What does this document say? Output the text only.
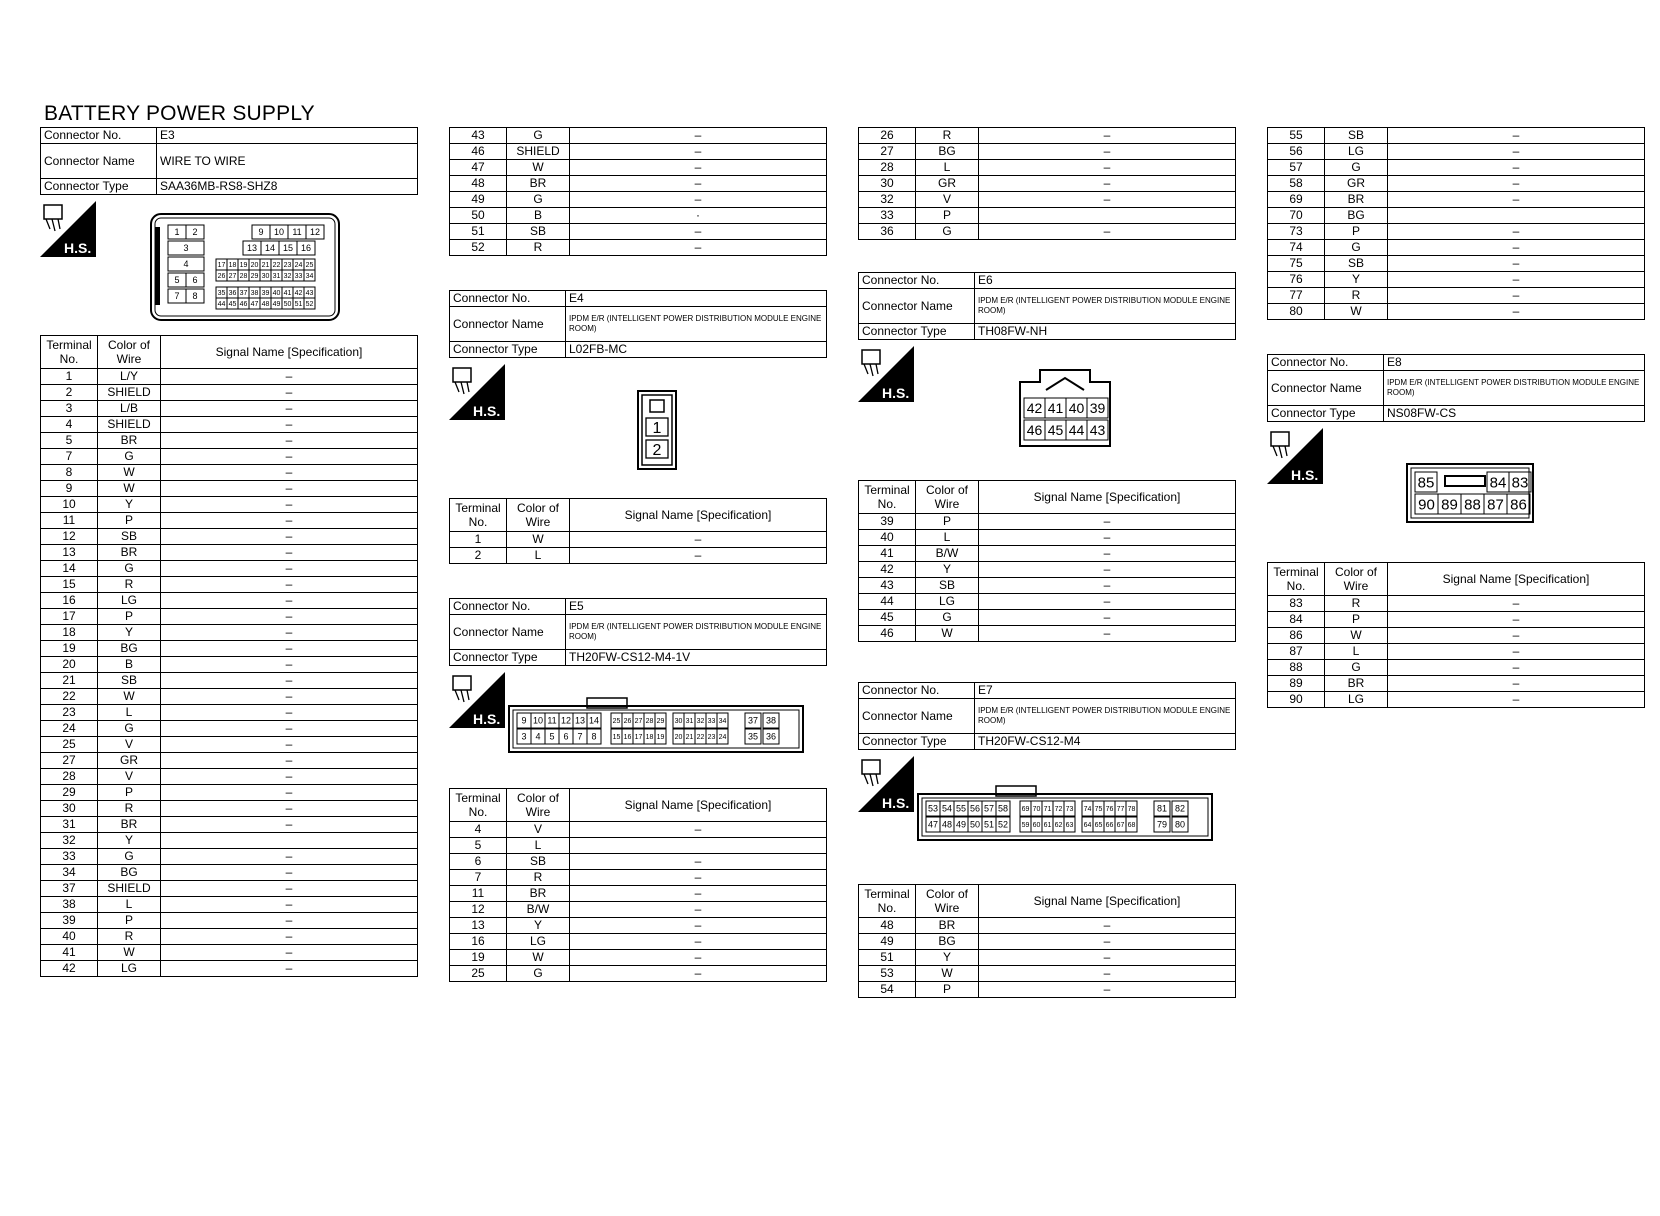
BATTERY POWER SUPPLY
Connector No.	E3
Connector Name	WIRE TO WIRE
Connector Type	SAA36MB-RS8-SHZ8
H.S.
1 2
3
4
5 6
7 8
9 10 11 12
13 14 15 16
17 18 19 20 21 22 23 24 25
26 27 28 29 30 31 32 33 34
35 36 37 38 39 40 41 42 43
44 45 46 47 48 49 50 51 52
Terminal No.	Color of Wire	Signal Name [Specification]
1	L/Y	–
2	SHIELD	–
3	L/B	–
4	SHIELD	–
5	BR	–
7	G	–
8	W	–
9	W	–
10	Y	–
11	P	–
12	SB	–
13	BR	–
14	G	–
15	R	–
16	LG	–
17	P	–
18	Y	–
19	BG	–
20	B	–
21	SB	–
22	W	–
23	L	–
24	G	–
25	V	–
27	GR	–
28	V	–
29	P	–
30	R	–
31	BR	–
32	Y	
33	G	–
34	BG	–
37	SHIELD	–
38	L	–
39	P	–
40	R	–
41	W	–
42	LG	–
43	G	–
46	SHIELD	–
47	W	–
48	BR	–
49	G	–
50	B	·
51	SB	–
52	R	–
Connector No.	E4
Connector Name	IPDM E/R (INTELLIGENT POWER DISTRIBUTION MODULE ENGINE ROOM)

Connector Type	L02FB-MC
H.S.
1
2
Terminal No.	Color of Wire	Signal Name [Specification]
1	W	–
2	L	–
Connector No.	E5
Connector Name	IPDM E/R (INTELLIGENT POWER DISTRIBUTION MODULE ENGINE ROOM)

Connector Type	TH20FW-CS12-M4-1V
H.S. 9 10 11 12 13 14 25 26 27 28 29 30 31 32 33 34 37 38
3 4 5 6 7 8 15 16 17 18 19 20 21 22 23 24 35 36
Terminal No.	Color of Wire	Signal Name [Specification]
4	V	–
5	L	
6	SB	–
7	R	–
11	BR	–
12	B/W	–
13	Y	–
16	LG	–
19	W	–
25	G	–
26	R	–
27	BG	–
28	L	–
30	GR	–
32	V	–
33	P	
36	G	–
Connector No.	E6
Connector Name	IPDM E/R (INTELLIGENT POWER DISTRIBUTION MODULE ENGINE ROOM)

Connector Type	TH08FW-NH
H.S.
42 41 40 39
46 45 44 43
Terminal No.	Color of Wire	Signal Name [Specification]
39	P	–
40	L	–
41	B/W	–
42	Y	–
43	SB	–
44	LG	–
45	G	–
46	W	–
Connector No.	E7
Connector Name	IPDM E/R (INTELLIGENT POWER DISTRIBUTION MODULE ENGINE ROOM)

Connector Type	TH20FW-CS12-M4
H.S. 53 54 55 56 57 58 69 70 71 72 73 74 75 76 77 78 81 82
47 48 49 50 51 52 59 60 61 62 63 64 65 66 67 68 79 80
Terminal No.	Color of Wire	Signal Name [Specification]
48	BR	–
49	BG	–
51	Y	–
53	W	–
54	P	–
55	SB	–
56	LG	–
57	G	–
58	GR	–
69	BR	–
70	BG	
73	P	–
74	G	–
75	SB	–
76	Y	–
77	R	–
80	W	–
Connector No.	E8
Connector Name	IPDM E/R (INTELLIGENT POWER DISTRIBUTION MODULE ENGINE ROOM)

Connector Type	NS08FW-CS
H.S.	85	84 83
90 89 88 87 86
Terminal No.	Color of Wire	Signal Name [Specification]
83	R	–
84	P	–
86	W	–
87	L	–
88	G	–
89	BR	–
90	LG	–
